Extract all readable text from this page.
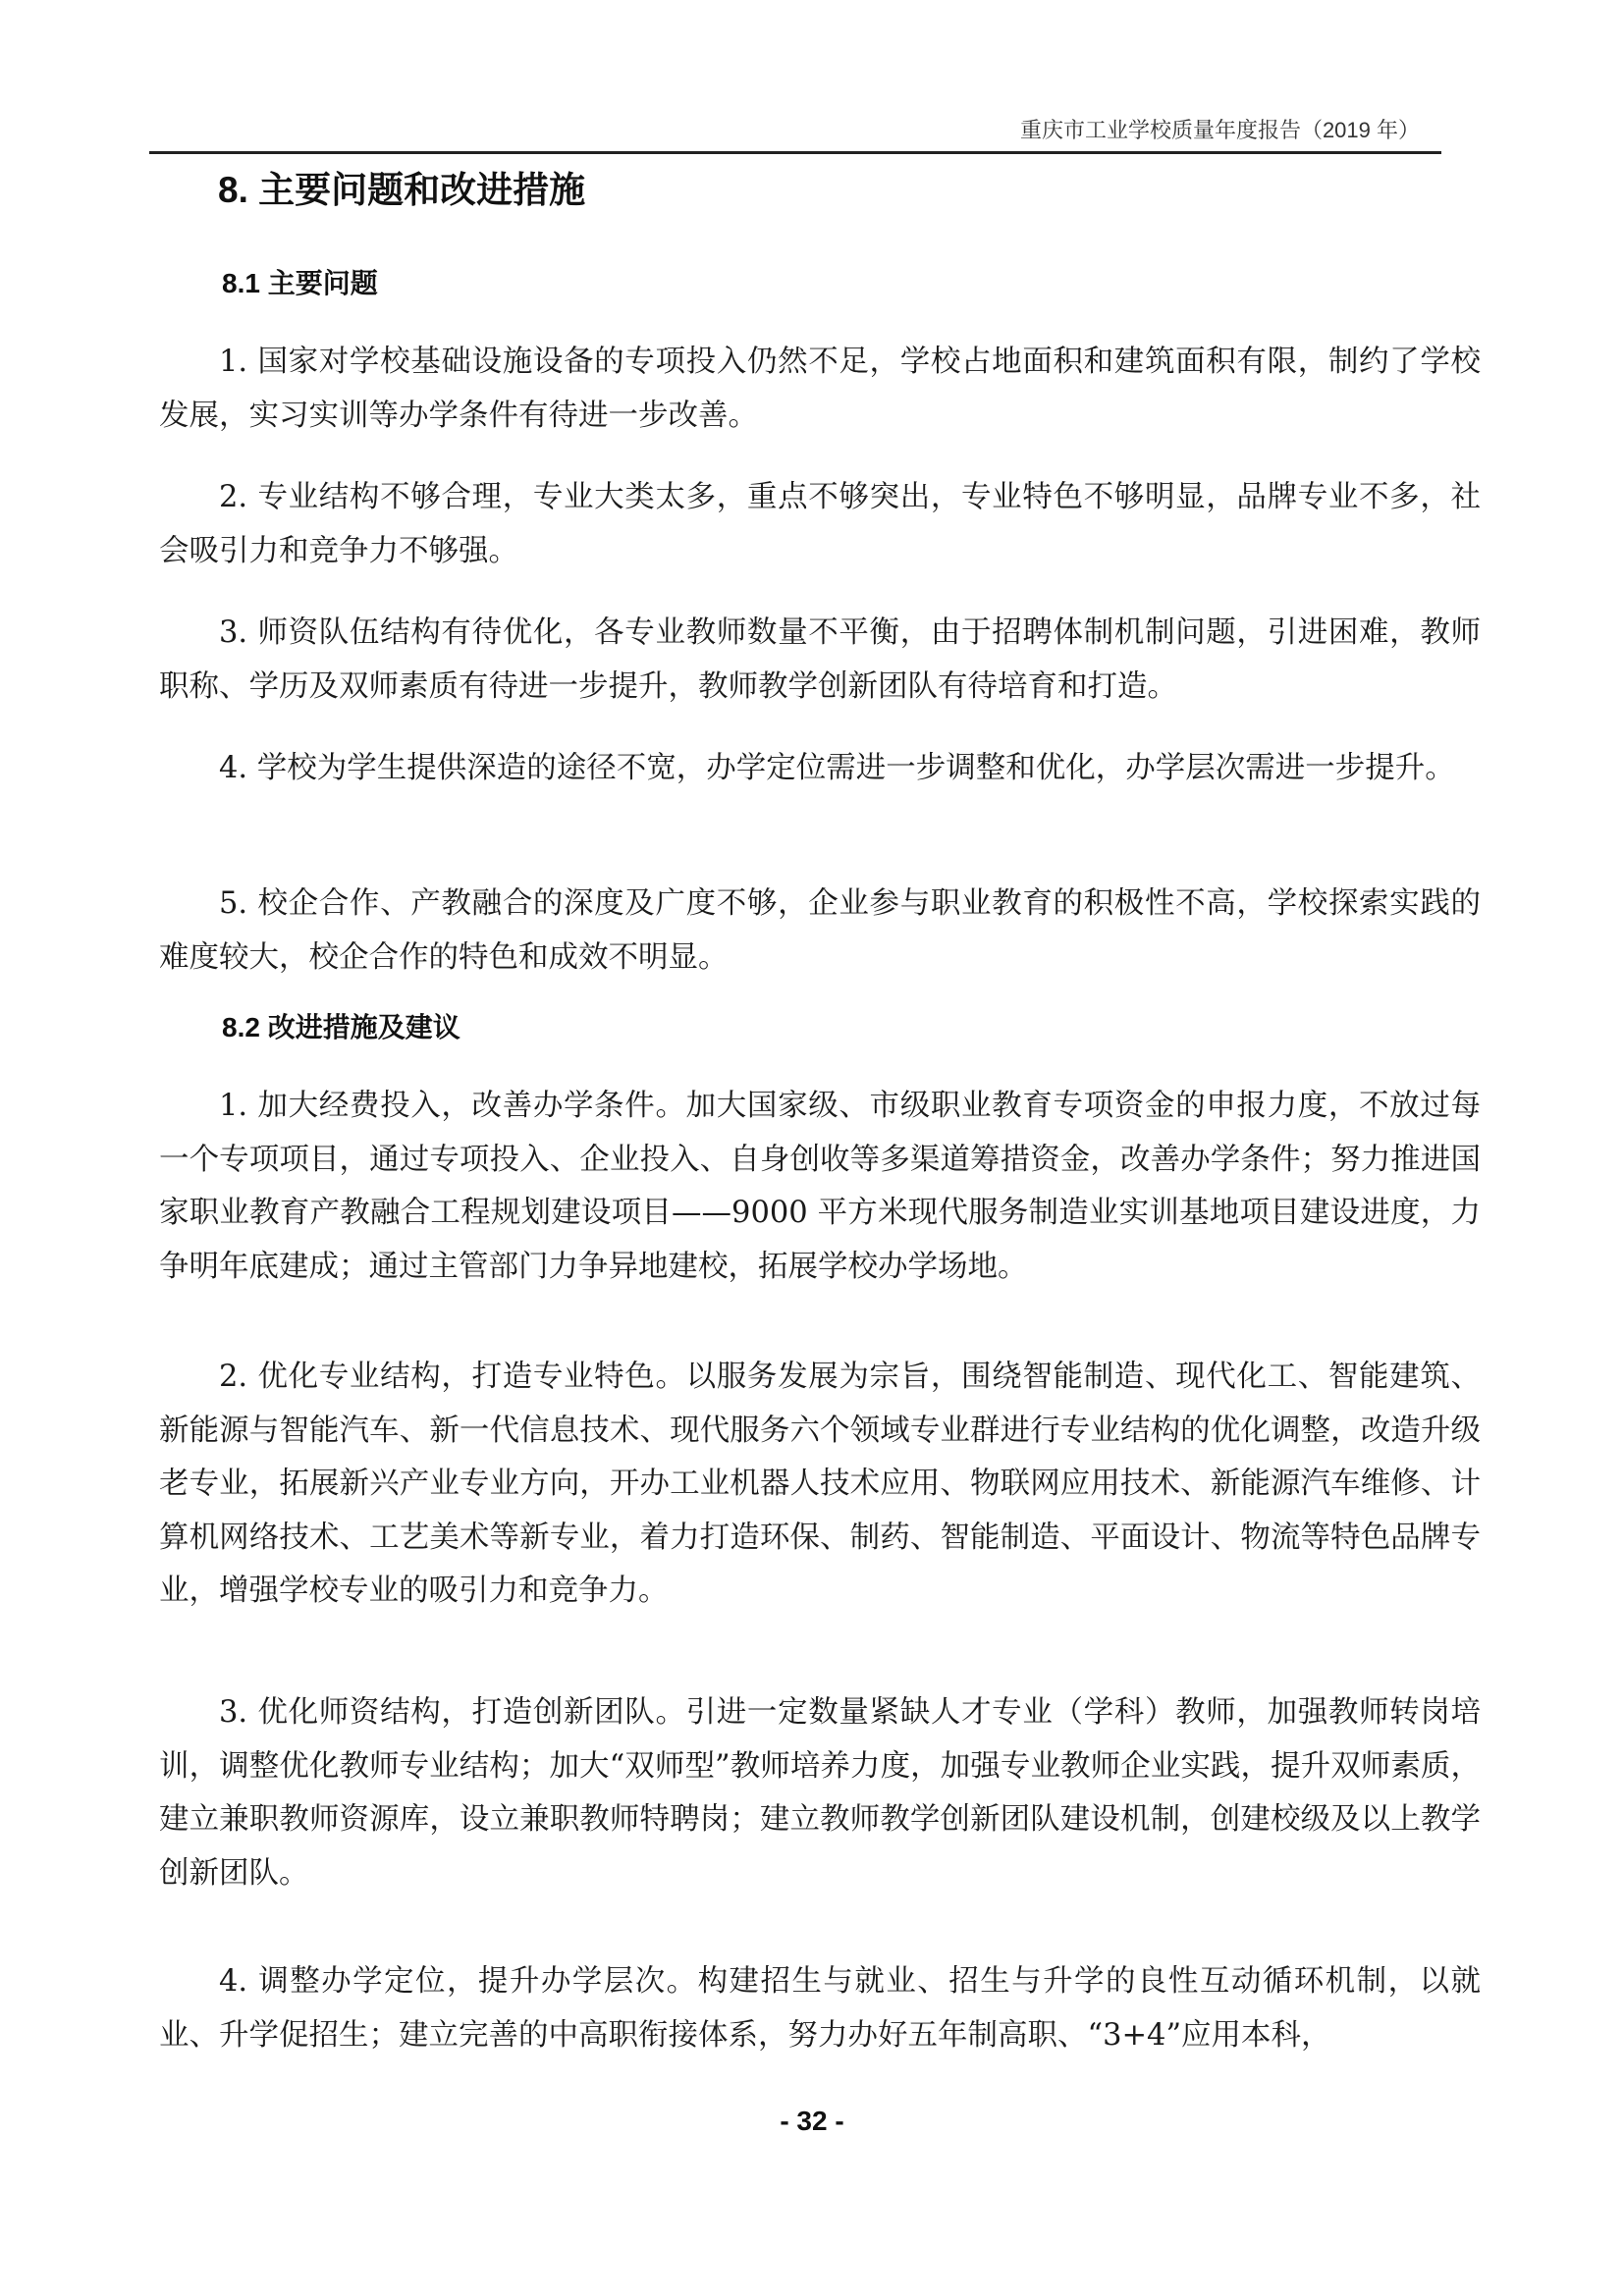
重庆市工业学校质量年度报告（2019 年）
8. 主要问题和改进措施
8.1 主要问题

1. 国家对学校基础设施设备的专项投入仍然不足，学校占地面积和建筑面积有限，制约了学校发展，实习实训等办学条件有待进一步改善。

2. 专业结构不够合理，专业大类太多，重点不够突出，专业特色不够明显，品牌专业不多，社会吸引力和竞争力不够强。

3. 师资队伍结构有待优化，各专业教师数量不平衡，由于招聘体制机制问题，引进困难，教师职称、学历及双师素质有待进一步提升，教师教学创新团队有待培育和打造。

4. 学校为学生提供深造的途径不宽，办学定位需进一步调整和优化，办学层次需进一步提升。

5. 校企合作、产教融合的深度及广度不够，企业参与职业教育的积极性不高，学校探索实践的难度较大，校企合作的特色和成效不明显。

8.2 改进措施及建议

1. 加大经费投入，改善办学条件。加大国家级、市级职业教育专项资金的申报力度，不放过每一个专项项目，通过专项投入、企业投入、自身创收等多渠道筹措资金，改善办学条件；努力推进国家职业教育产教融合工程规划建设项目——9000 平方米现代服务制造业实训基地项目建设进度，力争明年底建成；通过主管部门力争异地建校，拓展学校办学场地。

2. 优化专业结构，打造专业特色。以服务发展为宗旨，围绕智能制造、现代化工、智能建筑、新能源与智能汽车、新一代信息技术、现代服务六个领域专业群进行专业结构的优化调整，改造升级老专业，拓展新兴产业专业方向，开办工业机器人技术应用、物联网应用技术、新能源汽车维修、计算机网络技术、工艺美术等新专业，着力打造环保、制药、智能制造、平面设计、物流等特色品牌专业，增强学校专业的吸引力和竞争力。

3. 优化师资结构，打造创新团队。引进一定数量紧缺人才专业（学科）教师，加强教师转岗培训，调整优化教师专业结构；加大“双师型”教师培养力度，加强专业教师企业实践，提升双师素质，建立兼职教师资源库，设立兼职教师特聘岗；建立教师教学创新团队建设机制，创建校级及以上教学创新团队。

4. 调整办学定位，提升办学层次。构建招生与就业、招生与升学的良性互动循环机制，以就业、升学促招生；建立完善的中高职衔接体系，努力办好五年制高职、“3+4”应用本科，

- 32 -
